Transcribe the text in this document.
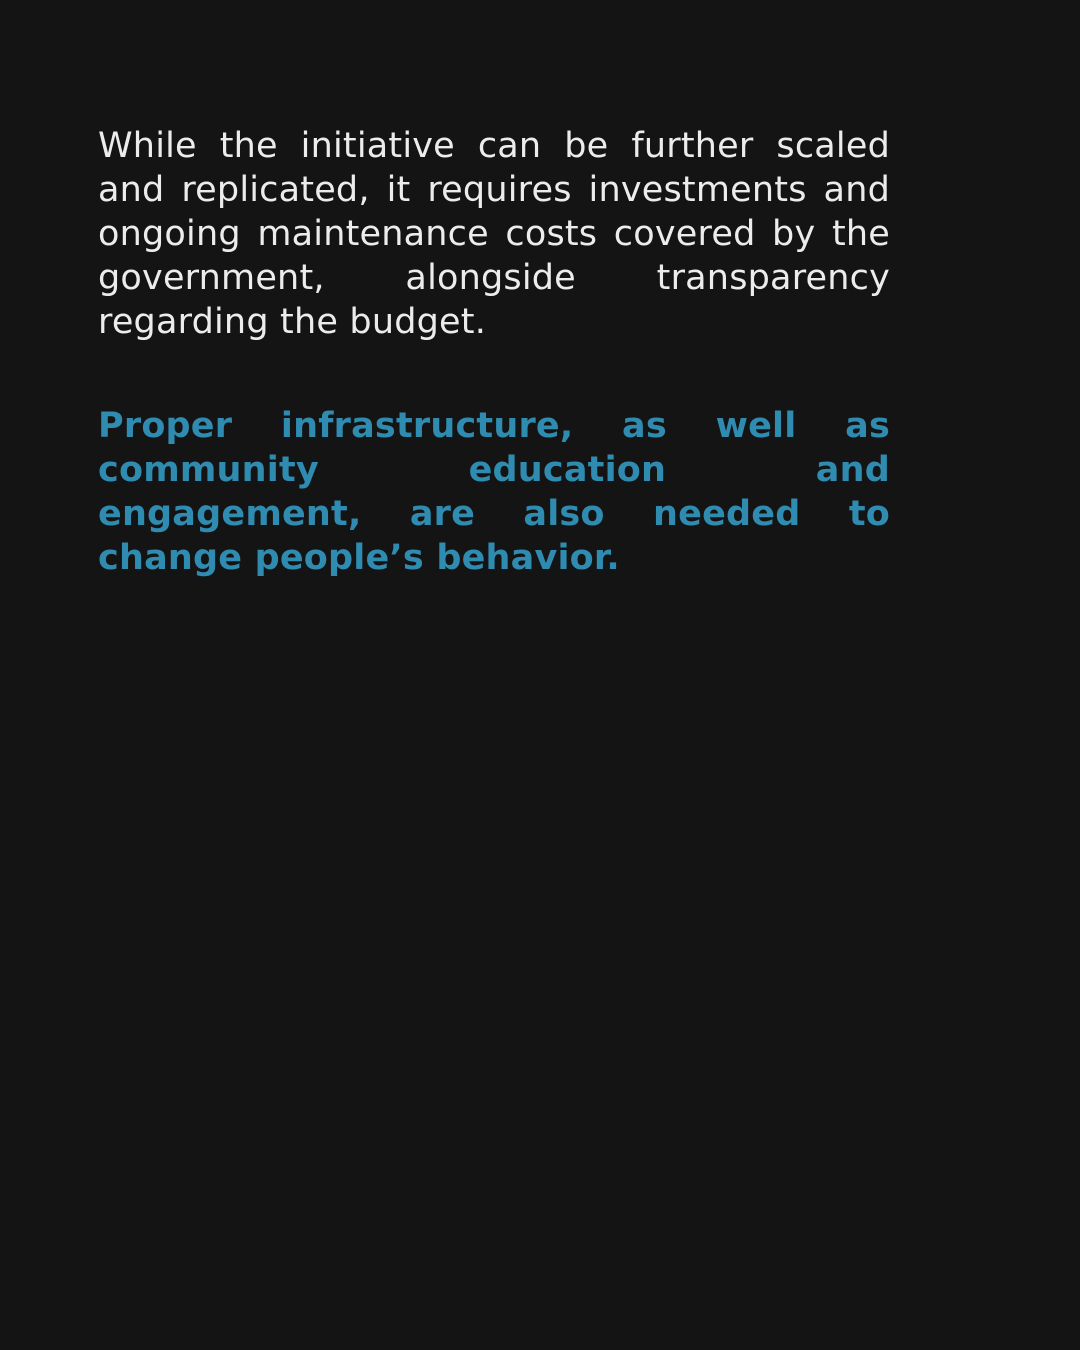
While the initiative can be further scaled and replicated, it requires investments and ongoing maintenance costs covered by the government, alongside transparency regarding the budget.

Proper infrastructure, as well as community education and engagement, are also needed to change people’s behavior.
